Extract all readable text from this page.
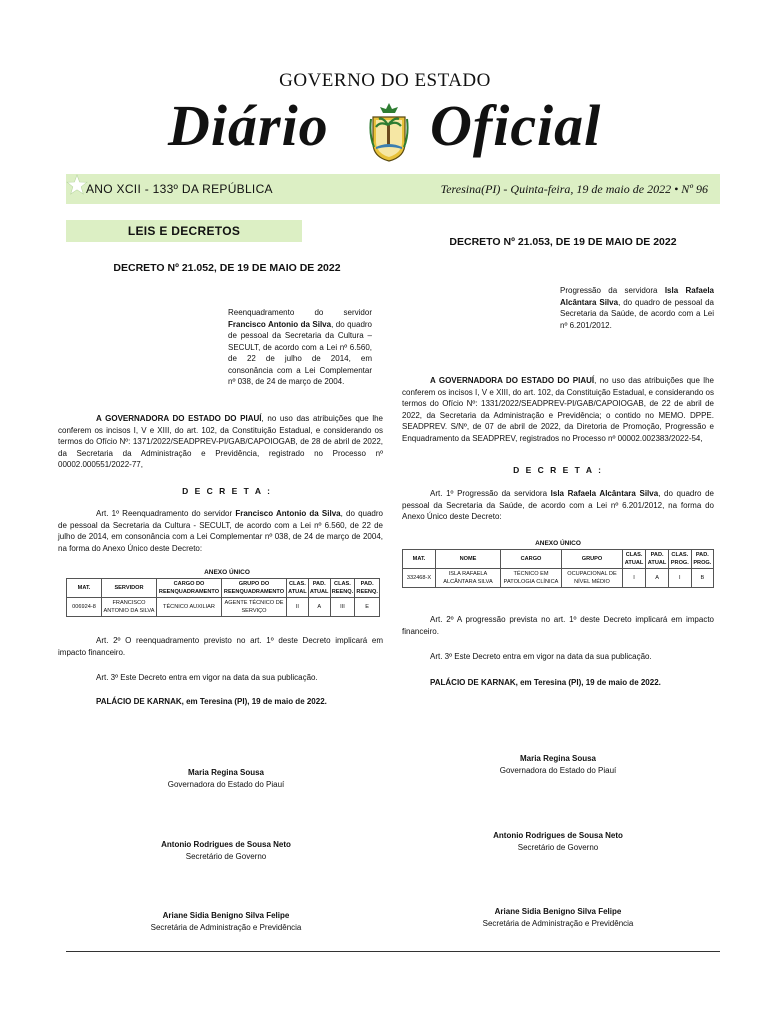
GOVERNO DO ESTADO
Diário Oficial
ANO XCII - 133º DA REPÚBLICA	Teresina(PI) - Quinta-feira, 19 de maio de 2022 • Nº 96
LEIS E DECRETOS
DECRETO Nº 21.052, DE 19 DE MAIO DE 2022
Reenquadramento do servidor Francisco Antonio da Silva, do quadro de pessoal da Secretaria da Cultura – SECULT, de acordo com a Lei nº 6.560, de 22 de julho de 2014, em consonância com a Lei Complementar nº 038, de 24 de março de 2004.
A GOVERNADORA DO ESTADO DO PIAUÍ, no uso das atribuições que lhe conferem os incisos I, V e XIII, do art. 102, da Constituição Estadual, e considerando os termos do Ofício Nº: 1371/2022/SEADPREV-PI/GAB/CAPOIOGAB, de 28 de abril de 2022, da Secretaria da Administração e Previdência, registrado no Processo nº 00002.000551/2022-77,
D E C R E T A :
Art. 1º Reenquadramento do servidor Francisco Antonio da Silva, do quadro de pessoal da Secretaria da Cultura - SECULT, de acordo com a Lei nº 6.560, de 22 de julho de 2014, em consonância com a Lei Complementar nº 038, de 24 de março de 2004, na forma do Anexo Único deste Decreto:
ANEXO ÚNICO
MAT.	SERVIDOR	CARGO DO REENQUADRAMENTO	GRUPO DO REENQUADRAMENTO	CLAS. ATUAL	PAD. ATUAL	CLAS. REENQ.	PAD. REENQ.
006924-8	FRANCISCO ANTONIO DA SILVA	TÉCNICO AUXILIAR	AGENTE TÉCNICO DE SERVIÇO	II	A	III	E
Art. 2º O reenquadramento previsto no art. 1º deste Decreto implicará em impacto financeiro.
Art. 3º Este Decreto entra em vigor na data da sua publicação.
PALÁCIO DE KARNAK, em Teresina (PI), 19 de maio de 2022.
Maria Regina Sousa
Governadora do Estado do Piauí
Antonio Rodrigues de Sousa Neto
Secretário de Governo
Ariane Sidia Benigno Silva Felipe
Secretária de Administração e Previdência
DECRETO Nº 21.053, DE 19 DE MAIO DE 2022
Progressão da servidora Isla Rafaela Alcântara Silva, do quadro de pessoal da Secretaria da Saúde, de acordo com a Lei nº 6.201/2012.
A GOVERNADORA DO ESTADO DO PIAUÍ, no uso das atribuições que lhe conferem os incisos I, V e XIII, do art. 102, da Constituição Estadual, e considerando os termos do Ofício Nº: 1331/2022/SEADPREV-PI/GAB/CAPOIOGAB, de 22 de abril de 2022, da Secretaria da Administração e Previdência; o contido no MEMO. DPPE. SEADPREV. S/Nº, de 07 de abril de 2022, da Diretoria de Promoção, Progressão e Enquadramento da SEADPREV, registrados no Processo nº 00002.002383/2022-54,
D E C R E T A :
Art. 1º Progressão da servidora Isla Rafaela Alcântara Silva, do quadro de pessoal da Secretaria da Saúde, de acordo com a Lei nº 6.201/2012, na forma do Anexo Único deste Decreto:
ANEXO ÚNICO
MAT.	NOME	CARGO	GRUPO	CLAS. ATUAL	PAD. ATUAL	CLAS. PROG.	PAD. PROG.
332468-X	ISLA RAFAELA ALCÂNTARA SILVA	TÉCNICO EM PATOLOGIA CLÍNICA	OCUPACIONAL DE NÍVEL MÉDIO	I	A	I	B
Art. 2º A progressão prevista no art. 1º deste Decreto implicará em impacto financeiro.
Art. 3º Este Decreto entra em vigor na data da sua publicação.
PALÁCIO DE KARNAK, em Teresina (PI), 19 de maio de 2022.
Maria Regina Sousa
Governadora do Estado do Piauí
Antonio Rodrigues de Sousa Neto
Secretário de Governo
Ariane Sidia Benigno Silva Felipe
Secretária de Administração e Previdência
